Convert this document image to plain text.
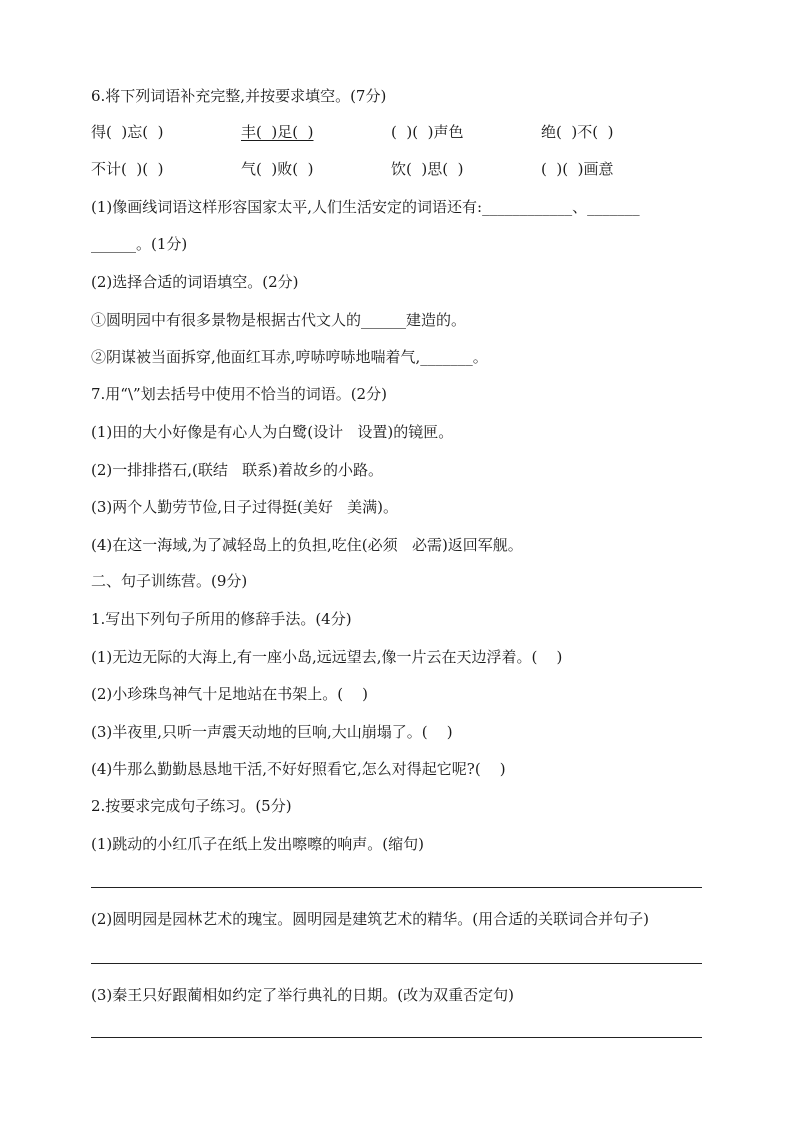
6.将下列词语补充完整,并按要求填空。(7分)
得(  )忘(  )	丰(  )足(  )	(  )(  )声色	绝(  )不(  )
不计(  )(  )	气(  )败(  )	饮(  )思(  )	(  )(  )画意
(1)像画线词语这样形容国家太平,人们生活安定的词语还有:____________、_______
______。(1分)
(2)选择合适的词语填空。(2分)
①圆明园中有很多景物是根据古代文人的______建造的。
②阴谋被当面拆穿,他面红耳赤,哼哧哼哧地喘着气,_______。
7.用“\”划去括号中使用不恰当的词语。(2分)
(1)田的大小好像是有心人为白鹭(设计   设置)的镜匣。
(2)一排排搭石,(联结   联系)着故乡的小路。
(3)两个人勤劳节俭,日子过得挺(美好   美满)。
(4)在这一海域,为了减轻岛上的负担,吃住(必须   必需)返回军舰。
二、句子训练营。(9分)
1.写出下列句子所用的修辞手法。(4分)
(1)无边无际的大海上,有一座小岛,远远望去,像一片云在天边浮着。(    )
(2)小珍珠鸟神气十足地站在书架上。(    )
(3)半夜里,只听一声震天动地的巨响,大山崩塌了。(    )
(4)牛那么勤勤恳恳地干活,不好好照看它,怎么对得起它呢?(    )
2.按要求完成句子练习。(5分)
(1)跳动的小红爪子在纸上发出嚓嚓的响声。(缩句)
(2)圆明园是园林艺术的瑰宝。圆明园是建筑艺术的精华。(用合适的关联词合并句子)
(3)秦王只好跟蔺相如约定了举行典礼的日期。(改为双重否定句)
